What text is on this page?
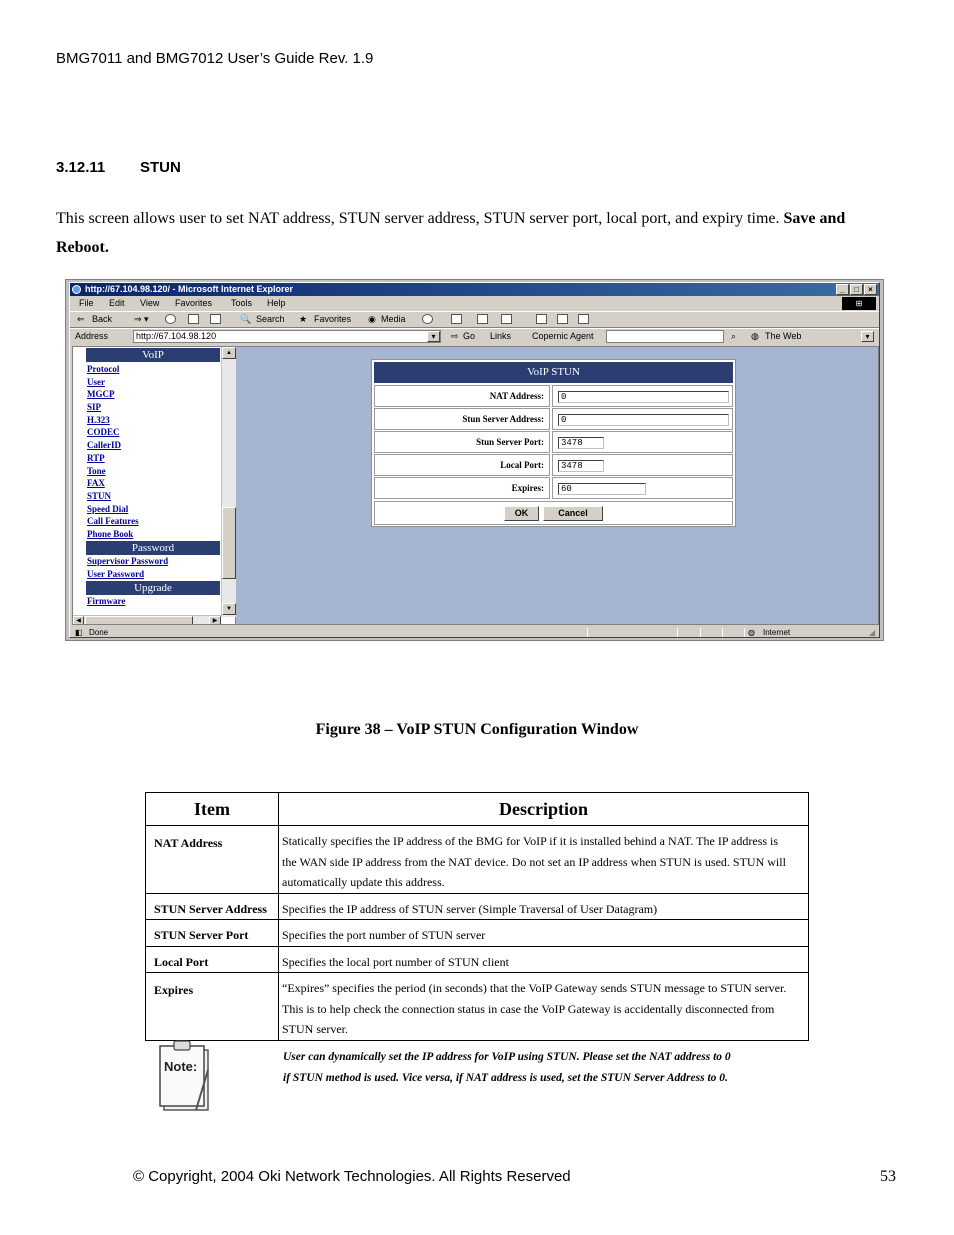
BMG7011 and BMG7012 User’s Guide Rev. 1.9
3.12.11 STUN
This screen allows user to set NAT address, STUN server address, STUN server port, local port, and expiry time. Save and Reboot.
http://67.104.98.120/ - Microsoft Internet Explorer	_	□	×
File Edit View Favorites Tools Help	⊞
⇐ Back ⇒ ▾	🔍 Search ★ Favorites ◉ Media
Address	http://67.104.98.120	▾	⇨ Go Links Copernic Agent	⌕ ◍ The Web	▾
VoIP
Protocol
User
MGCP
SIP
H.323
CODEC
CallerID
RTP
Tone
FAX
STUN
Speed Dial
Call Features
Phone Book
Password
Supervisor Password
User Password
Upgrade
Firmware
▲
▼
◀	▶
VoIP STUN
NAT Address:	0
Stun Server Address:	0
Stun Server Port:	3478
Local Port:	3478
Expires:	60
OK	Cancel
◧ Done	◍ Internet	◢
Figure 38 – VoIP STUN Configuration Window
Item	Description
NAT Address	Statically specifies the IP address of the BMG for VoIP if it is installed behind a NAT. The IP address is
the WAN side IP address from the NAT device. Do not set an IP address when STUN is used. STUN will
automatically update this address.

STUN Server Address	Specifies the IP address of STUN server (Simple Traversal of User Datagram)

STUN Server Port	Specifies the port number of STUN server

Local Port	Specifies the local port number of STUN client

Expires	“Expires” specifies the period (in seconds) that the VoIP Gateway sends STUN message to STUN server.
This is to help check the connection status in case the VoIP Gateway is accidentally disconnected from
STUN server.
Note:
User can dynamically set the IP address for VoIP using STUN. Please set the NAT address to 0
if STUN method is used. Vice versa, if NAT address is used, set the STUN Server Address to 0.
© Copyright, 2004 Oki Network Technologies. All Rights Reserved	53
